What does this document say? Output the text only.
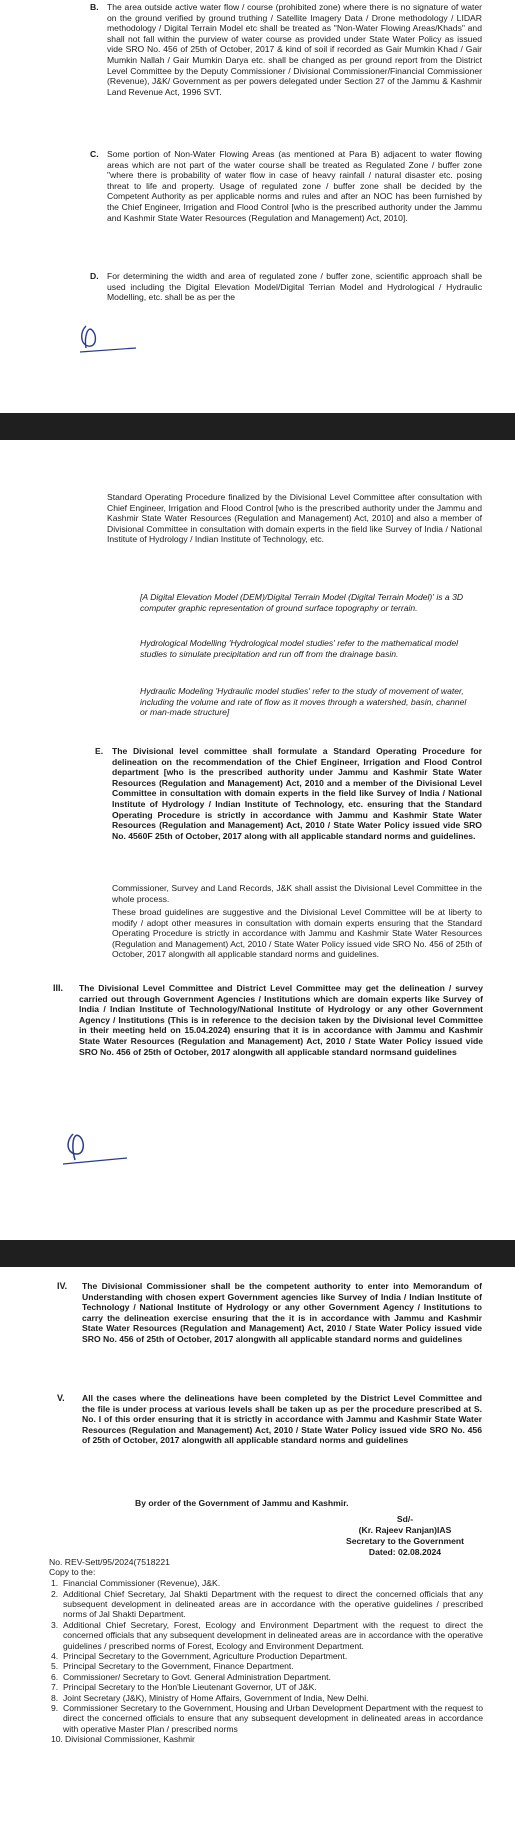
B. The area outside active water flow / course (prohibited zone) where there is no signature of water on the ground verified by ground truthing / Satellite Imagery Data / Drone methodology / LIDAR methodology / Digital Terrain Model etc shall be treated as "Non-Water Flowing Areas/Khads" and shall not fall within the purview of water course as provided under State Water Policy as issued vide SRO No. 456 of 25th of October, 2017 & kind of soil if recorded as Gair Mumkin Khad / Gair Mumkin Nallah / Gair Mumkin Darya etc. shall be changed as per ground report from the District Level Committee by the Deputy Commissioner / Divisional Commissioner/Financial Commissioner (Revenue), J&K/ Government as per powers delegated under Section 27 of the Jammu & Kashmir Land Revenue Act, 1996 SVT.
C. Some portion of Non-Water Flowing Areas (as mentioned at Para B) adjacent to water flowing areas which are not part of the water course shall be treated as Regulated Zone / buffer zone "where there is probability of water flow in case of heavy rainfall / natural disaster etc. posing threat to life and property. Usage of regulated zone / buffer zone shall be decided by the Competent Authority as per applicable norms and rules and after an NOC has been furnished by the Chief Engineer, Irrigation and Flood Control [who is the prescribed authority under the Jammu and Kashmir State Water Resources (Regulation and Management) Act, 2010].
D. For determining the width and area of regulated zone / buffer zone, scientific approach shall be used including the Digital Elevation Model/Digital Terrian Model and Hydrological / Hydraulic Modelling, etc. shall be as per the
Standard Operating Procedure finalized by the Divisional Level Committee after consultation with Chief Engineer, Irrigation and Flood Control [who is the prescribed authority under the Jammu and Kashmir State Water Resources (Regulation and Management) Act, 2010] and also a member of Divisional Committee in consultation with domain experts in the field like Survey of India / National Institute of Hydrology / Indian Institute of Technology, etc.
[A Digital Elevation Model (DEM)/Digital Terrain Model (Digital Terrain Model)' is a 3D computer graphic representation of ground surface topography or terrain.
Hydrological Modelling 'Hydrological model studies' refer to the mathematical model studies to simulate precipitation and run off from the drainage basin.
Hydraulic Modeling 'Hydraulic model studies' refer to the study of movement of water, including the volume and rate of flow as it moves through a watershed, basin, channel or man-made structure]
E. The Divisional level committee shall formulate a Standard Operating Procedure for delineation on the recommendation of the Chief Engineer, Irrigation and Flood Control department [who is the prescribed authority under Jammu and Kashmir State Water Resources (Regulation and Management) Act, 2010 and a member of the Divisional Level Committee in consultation with domain experts in the field like Survey of India / National Institute of Hydrology / Indian Institute of Technology, etc. ensuring that the Standard Operating Procedure is strictly in accordance with Jammu and Kashmir State Water Resources (Regulation and Management) Act, 2010 / State Water Policy issued vide SRO No. 4560F 25th of October, 2017 along with all applicable standard norms and guidelines.
Commissioner, Survey and Land Records, J&K shall assist the Divisional Level Committee in the whole process.
These broad guidelines are suggestive and the Divisional Level Committee will be at liberty to modify / adopt other measures in consultation with domain experts ensuring that the Standard Operating Procedure is strictly in accordance with Jammu and Kashmir State Water Resources (Regulation and Management) Act, 2010 / State Water Policy issued vide SRO No. 456 of 25th of October, 2017 alongwith all applicable standard norms and guidelines.
III. The Divisional Level Committee and District Level Committee may get the delineation / survey carried out through Government Agencies / Institutions which are domain experts like Survey of India / Indian Institute of Technology/National Institute of Hydrology or any other Government Agency / Institutions (This is in reference to the decision taken by the Divisional level Committee in their meeting held on 15.04.2024) ensuring that it is in accordance with Jammu and Kashmir State Water Resources (Regulation and Management) Act, 2010 / State Water Policy issued vide SRO No. 456 of 25th of October, 2017 alongwith all applicable standard normsand guidelines
IV. The Divisional Commissioner shall be the competent authority to enter into Memorandum of Understanding with chosen expert Government agencies like Survey of India / Indian Institute of Technology / National Institute of Hydrology or any other Government Agency / Institutions to carry the delineation exercise ensuring that the it is in accordance with Jammu and Kashmir State Water Resources (Regulation and Management) Act, 2010 / State Water Policy issued vide SRO No. 456 of 25th of October, 2017 alongwith all applicable standard norms and guidelines
V. All the cases where the delineations have been completed by the District Level Committee and the file is under process at various levels shall be taken up as per the procedure prescribed at S. No. I of this order ensuring that it is strictly in accordance with Jammu and Kashmir State Water Resources (Regulation and Management) Act, 2010 / State Water Policy issued vide SRO No. 456 of 25th of October, 2017 alongwith all applicable standard norms and guidelines
By order of the Government of Jammu and Kashmir.
Sd/-
(Kr. Rajeev Ranjan)IAS
Secretary to the Government
Dated: 02.08.2024
No. REV-Sett/95/2024(7518221
Copy to the:
1. Financial Commissioner (Revenue), J&K.
2. Additional Chief Secretary, Jal Shakti Department with the request to direct the concerned officials that any subsequent development in delineated areas are in accordance with the operative guidelines / prescribed norms of Jal Shakti Department.
3. Additional Chief Secretary, Forest, Ecology and Environment Department with the request to direct the concerned officials that any subsequent development in delineated areas are in accordance with the operative guidelines / prescribed norms of Forest, Ecology and Environment Department.
4. Principal Secretary to the Government, Agriculture Production Department.
5. Principal Secretary to the Government, Finance Department.
6. Commissioner/ Secretary to Govt. General Administration Department.
7. Principal Secretary to the Hon'ble Lieutenant Governor, UT of J&K.
8. Joint Secretary (J&K), Ministry of Home Affairs, Government of India, New Delhi.
9. Commissioner Secretary to the Government, Housing and Urban Development Department with the request to direct the concerned officials to ensure that any subsequent development in delineated areas in accordance with operative Master Plan / prescribed norms
10. Divisional Commissioner, Kashmir
